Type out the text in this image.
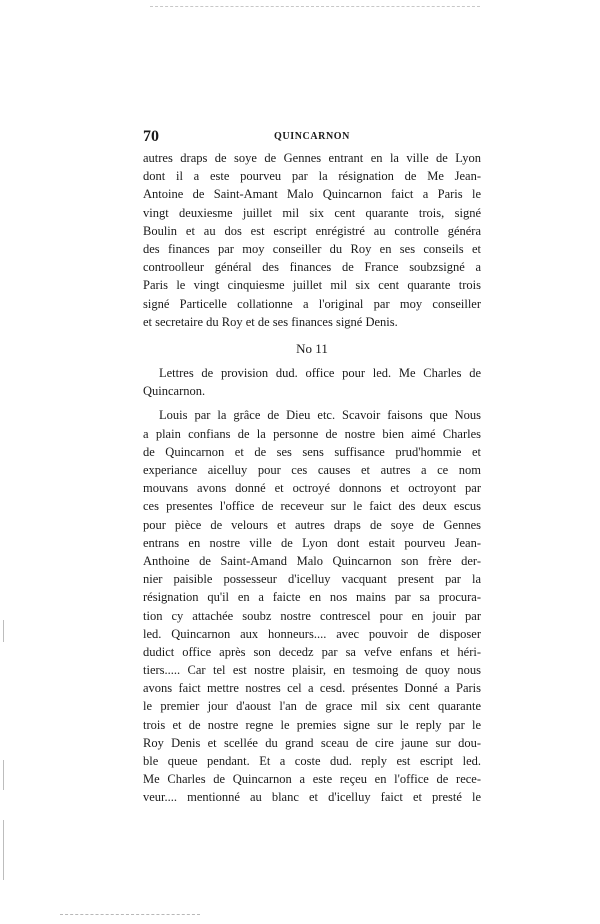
70	QUINCARNON
autres draps de soye de Gennes entrant en la ville de Lyon
dont il a este pourveu par la résignation de Me Jean-
Antoine de Saint-Amant Malo Quincarnon faict a Paris le
vingt deuxiesme juillet mil six cent quarante trois, signé
Boulin et au dos est escript enrégistré au controlle généra
des finances par moy conseiller du Roy en ses conseils et
controolleur général des finances de France soubzsigné a
Paris le vingt cinquiesme juillet mil six cent quarante trois
signé Particelle collationne a l'original par moy conseiller
et secretaire du Roy et de ses finances signé Denis.
No 11
Lettres de provision dud. office pour led. Me Charles de
Quincarnon.
Louis par la grâce de Dieu etc. Scavoir faisons que Nous
a plain confians de la personne de nostre bien aimé Charles
de Quincarnon et de ses sens suffisance prud'hommie et
experiance aicelluy pour ces causes et autres a ce nom
mouvans avons donné et octroyé donnons et octroyont par
ces presentes l'office de receveur sur le faict des deux escus
pour pièce de velours et autres draps de soye de Gennes
entrans en nostre ville de Lyon dont estait pourveu Jean-
Anthoine de Saint-Amand Malo Quincarnon son frère der-
nier paisible possesseur d'icelluy vacquant present par la
résignation qu'il en a faicte en nos mains par sa procura-
tion cy attachée soubz nostre contrescel pour en jouir par
led. Quincarnon aux honneurs.... avec pouvoir de disposer
dudict office après son decedz par sa vefve enfans et héri-
tiers..... Car tel est nostre plaisir, en tesmoing de quoy nous
avons faict mettre nostres cel a cesd. présentes Donné a Paris
le premier jour d'aoust l'an de grace mil six cent quarante
trois et de nostre regne le premies signe sur le reply par le
Roy Denis et scellée du grand sceau de cire jaune sur dou-
ble queue pendant. Et a coste dud. reply est escript led.
Me Charles de Quincarnon a este reçeu en l'office de rece-
veur.... mentionné au blanc et d'icelluy faict et presté le
